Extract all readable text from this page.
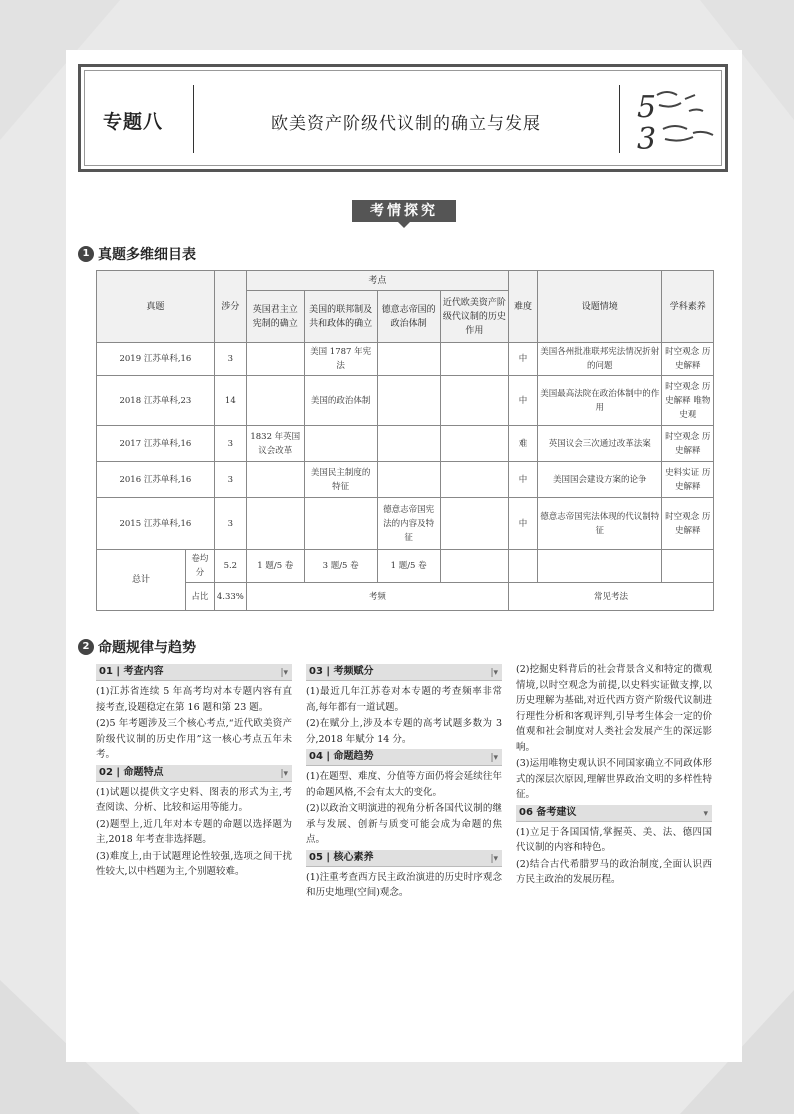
专题八	欧美资产阶级代议制的确立与发展	5
3
考情探究
1 真题多维细目表
真题		涉分	考点				难度	设题情境	学科素养
			英国君主立宪制的确立	美国的联邦制及共和政体的确立	德意志帝国的政治体制	近代欧美资产阶级代议制的历史作用			
2019 江苏单科,16		3		美国 1787 年宪法			中	美国各州批准联邦宪法情况折射的问题	时空观念 历史解释
2018 江苏单科,23		14		美国的政治体制			中	美国最高法院在政治体制中的作用	时空观念 历史解释 唯物史观
2017 江苏单科,16		3	1832 年英国议会改革				难	英国议会三次通过改革法案	时空观念 历史解释
2016 江苏单科,16		3		美国民主制度的特征			中	美国国会建设方案的论争	史料实证 历史解释
2015 江苏单科,16		3			德意志帝国宪法的内容及特征		中	德意志帝国宪法体现的代议制特征	时空观念 历史解释
总计	卷均分	5.2	1 题/5 卷	3 题/5 卷	1 题/5 卷				
	占比	4.33%	考频				常见考法		
2 命题规律与趋势
01 | 考查内容	|▾

(1)江苏省连续 5 年高考均对本专题内容有直接考查,设题稳定在第 16 题和第 23 题。

(2)5 年考题涉及三个核心考点,“近代欧美资产阶级代议制的历史作用”这一核心考点五年未考。

02 | 命题特点	|▾

(1)试题以提供文字史料、图表的形式为主,考查阅读、分析、比较和运用等能力。

(2)题型上,近几年对本专题的命题以选择题为主,2018 年考查非选择题。

(3)难度上,由于试题理论性较强,选项之间干扰性较大,以中档题为主,个别题较难。

03 | 考频赋分	|▾

(1)最近几年江苏卷对本专题的考查频率非常高,每年都有一道试题。

(2)在赋分上,涉及本专题的高考试题多数为 3 分,2018 年赋分 14 分。

04 | 命题趋势	|▾

(1)在题型、难度、分值等方面仍将会延续往年的命题风格,不会有太大的变化。

(2)以政治文明演进的视角分析各国代议制的继承与发展、创新与质变可能会成为命题的焦点。

05 | 核心素养	|▾

(1)注重考查西方民主政治演进的历史时序观念和历史地理(空间)观念。

(2)挖掘史料背后的社会背景含义和特定的微观情境,以时空观念为前提,以史料实证做支撑,以历史理解为基础,对近代西方资产阶级代议制进行理性分析和客观评判,引导考生体会一定的价值观和社会制度对人类社会发展产生的深远影响。

(3)运用唯物史观认识不同国家确立不同政体形式的深层次原因,理解世界政治文明的多样性特征。

06 备考建议	▾

(1)立足于各国国情,掌握英、美、法、德四国代议制的内容和特色。

(2)结合古代希腊罗马的政治制度,全面认识西方民主政治的发展历程。
